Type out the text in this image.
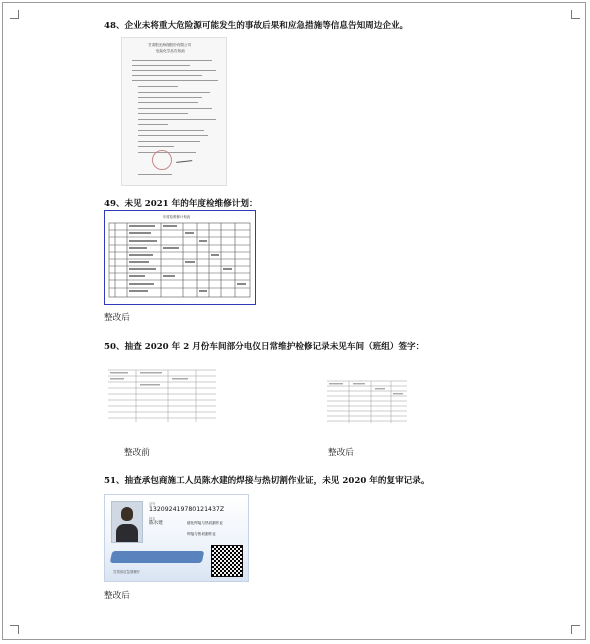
48、企业未将重大危险源可能发生的事故后果和应急措施等信息告知周边企业。
甘肃银光海翔股份有限公司
危险化学品告知函
49、未见 2021 年的年度检维修计划：
年度检维修计划表
整改后
50、抽查 2020 年 2 月份车间部分电仪日常维护检修记录未见车间（班组）签字：
整改前	整改后
51、抽查承包商施工人员陈水建的焊接与热切割作业证，未见 2020 年的复审记录。
证号
132092419780121437Z
姓名
陈水建	熔化焊接与热切割作业
焊接与热切割作业
甘肃省应急管理厅
整改后
